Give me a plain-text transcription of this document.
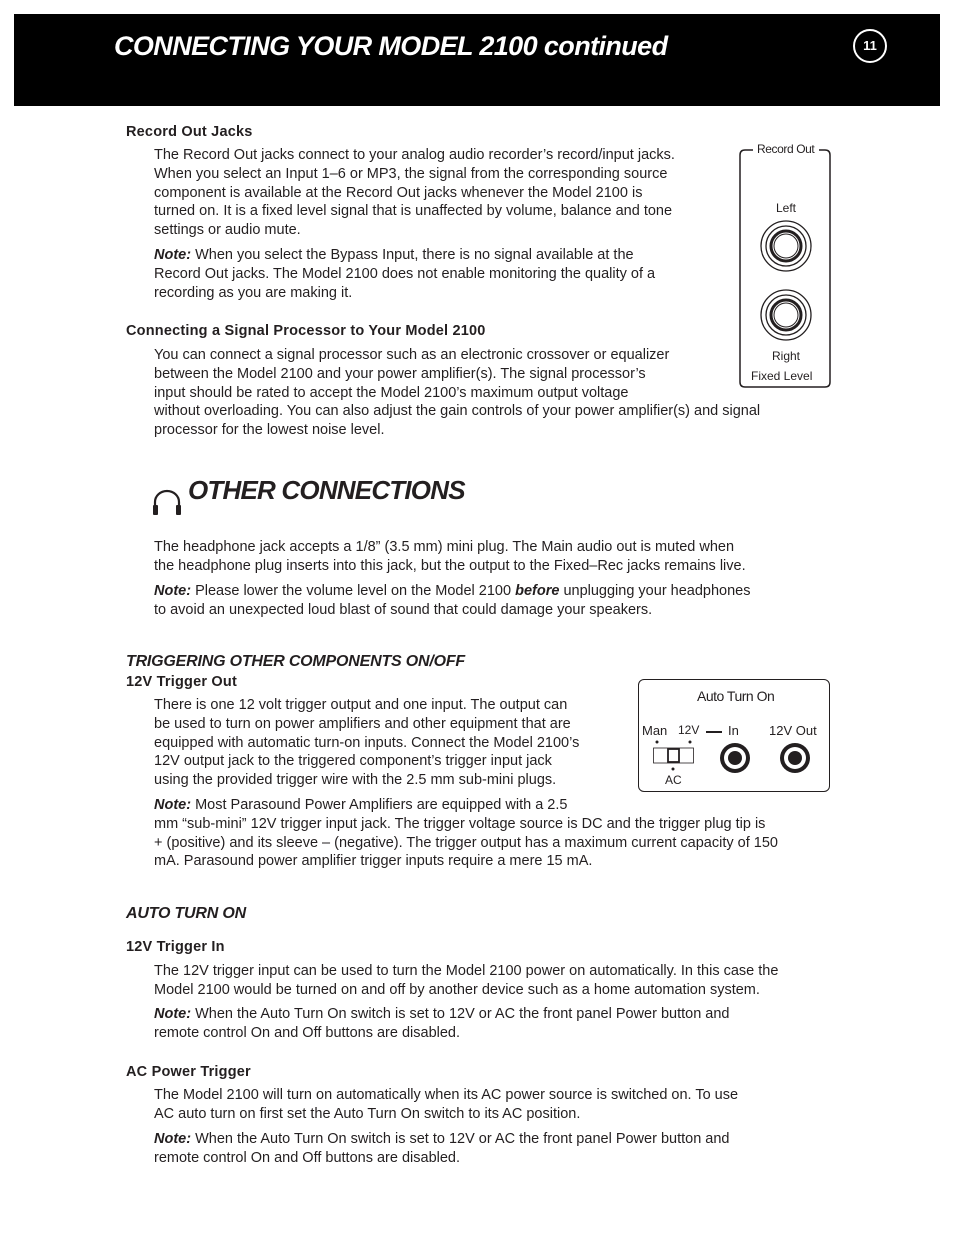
CONNECTING YOUR MODEL 2100 continued	11
Record Out Jacks
The Record Out jacks connect to your analog audio recorder’s record/input jacks.
When you select an Input 1–6 or MP3, the signal from the corresponding source
component is available at the Record Out jacks whenever the Model 2100 is
turned on. It is a fixed level signal that is unaffected by volume, balance and tone
settings or audio mute.
Note: When you select the Bypass Input, there is no signal available at the
Record Out jacks. The Model 2100 does not enable monitoring the quality of a
recording as you are making it.
Record Out
Left
Right
Fixed Level
Connecting a Signal Processor to Your Model 2100
You can connect a signal processor such as an electronic crossover or equalizer
between the Model 2100 and your power amplifier(s). The signal processor’s
input should be rated to accept the Model 2100’s maximum output voltage
without overloading. You can also adjust the gain controls of your power amplifier(s) and signal
processor for the lowest noise level.
OTHER CONNECTIONS
The headphone jack accepts a 1/8” (3.5 mm) mini plug. The Main audio out is muted when
the headphone plug inserts into this jack, but the output to the Fixed–Rec jacks remains live.
Note: Please lower the volume level on the Model 2100 before unplugging your headphones
to avoid an unexpected loud blast of sound that could damage your speakers.
TRIGGERING OTHER COMPONENTS ON/OFF
12V Trigger Out
There is one 12 volt trigger output and one input. The output can
be used to turn on power amplifiers and other equipment that are
equipped with automatic turn-on inputs. Connect the Model 2100’s
12V output jack to the triggered component’s trigger input jack
using the provided trigger wire with the 2.5 mm sub-mini plugs.
Note: Most Parasound Power Amplifiers are equipped with a 2.5
mm “sub-mini” 12V trigger input jack. The trigger voltage source is DC and the trigger plug tip is
+ (positive) and its sleeve – (negative). The trigger output has a maximum current capacity of 150
mA. Parasound power amplifier trigger inputs require a mere 15 mA.
Auto Turn On
Man 12V In 12V Out
AC
AUTO TURN ON
12V Trigger In
The 12V trigger input can be used to turn the Model 2100 power on automatically. In this case the
Model 2100 would be turned on and off by another device such as a home automation system.
Note: When the Auto Turn On switch is set to 12V or AC the front panel Power button and
remote control On and Off buttons are disabled.
AC Power Trigger
The Model 2100 will turn on automatically when its AC power source is switched on. To use
AC auto turn on first set the Auto Turn On switch to its AC position.
Note: When the Auto Turn On switch is set to 12V or AC the front panel Power button and
remote control On and Off buttons are disabled.
